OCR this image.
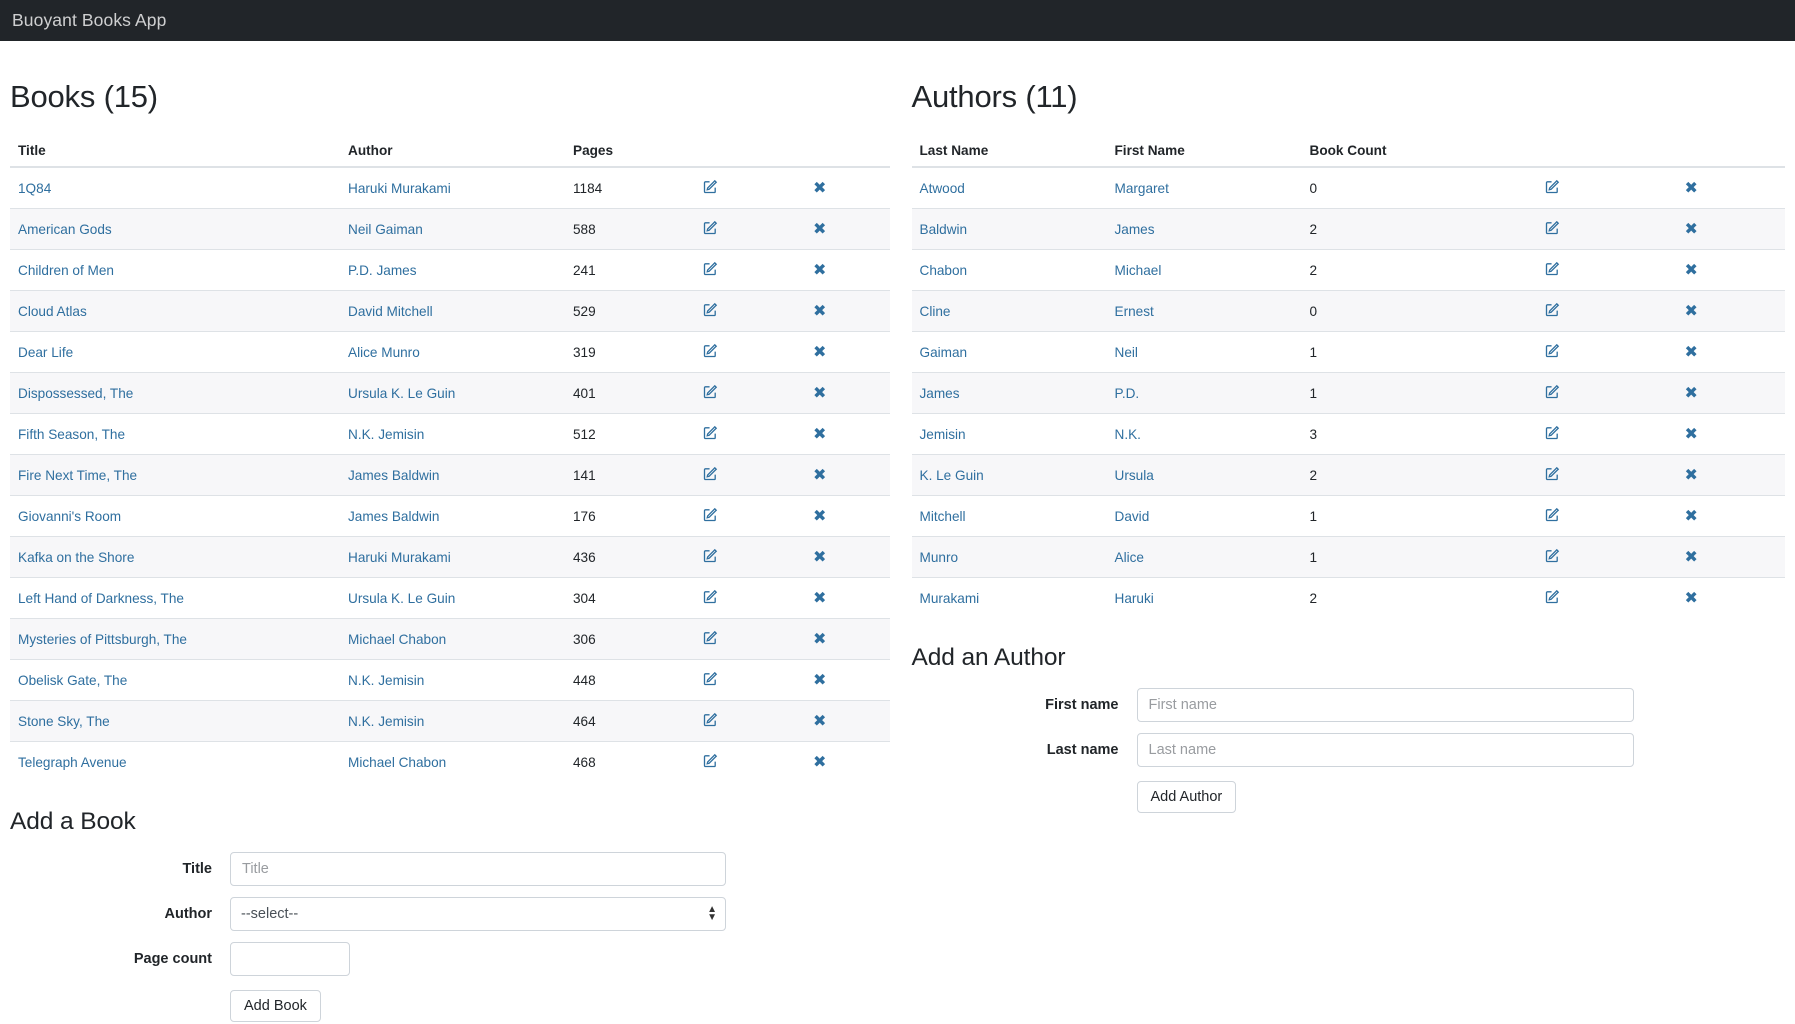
Buoyant Books App
Books (15)
Title	Author	Pages		
1Q84	Haruki Murakami	1184		✖
American Gods	Neil Gaiman	588		✖
Children of Men	P.D. James	241		✖
Cloud Atlas	David Mitchell	529		✖
Dear Life	Alice Munro	319		✖
Dispossessed, The	Ursula K. Le Guin	401		✖
Fifth Season, The	N.K. Jemisin	512		✖
Fire Next Time, The	James Baldwin	141		✖
Giovanni's Room	James Baldwin	176		✖
Kafka on the Shore	Haruki Murakami	436		✖
Left Hand of Darkness, The	Ursula K. Le Guin	304		✖
Mysteries of Pittsburgh, The	Michael Chabon	306		✖
Obelisk Gate, The	N.K. Jemisin	448		✖
Stone Sky, The	N.K. Jemisin	464		✖
Telegraph Avenue	Michael Chabon	468		✖
Add a Book
Title
Title
Author
--select--	▲
▼
Page count
Add Book
Authors (11)
Last Name	First Name	Book Count		
Atwood	Margaret	0		✖
Baldwin	James	2		✖
Chabon	Michael	2		✖
Cline	Ernest	0		✖
Gaiman	Neil	1		✖
James	P.D.	1		✖
Jemisin	N.K.	3		✖
K. Le Guin	Ursula	2		✖
Mitchell	David	1		✖
Munro	Alice	1		✖
Murakami	Haruki	2		✖
Add an Author
First name
First name
Last name
Last name
Add Author
